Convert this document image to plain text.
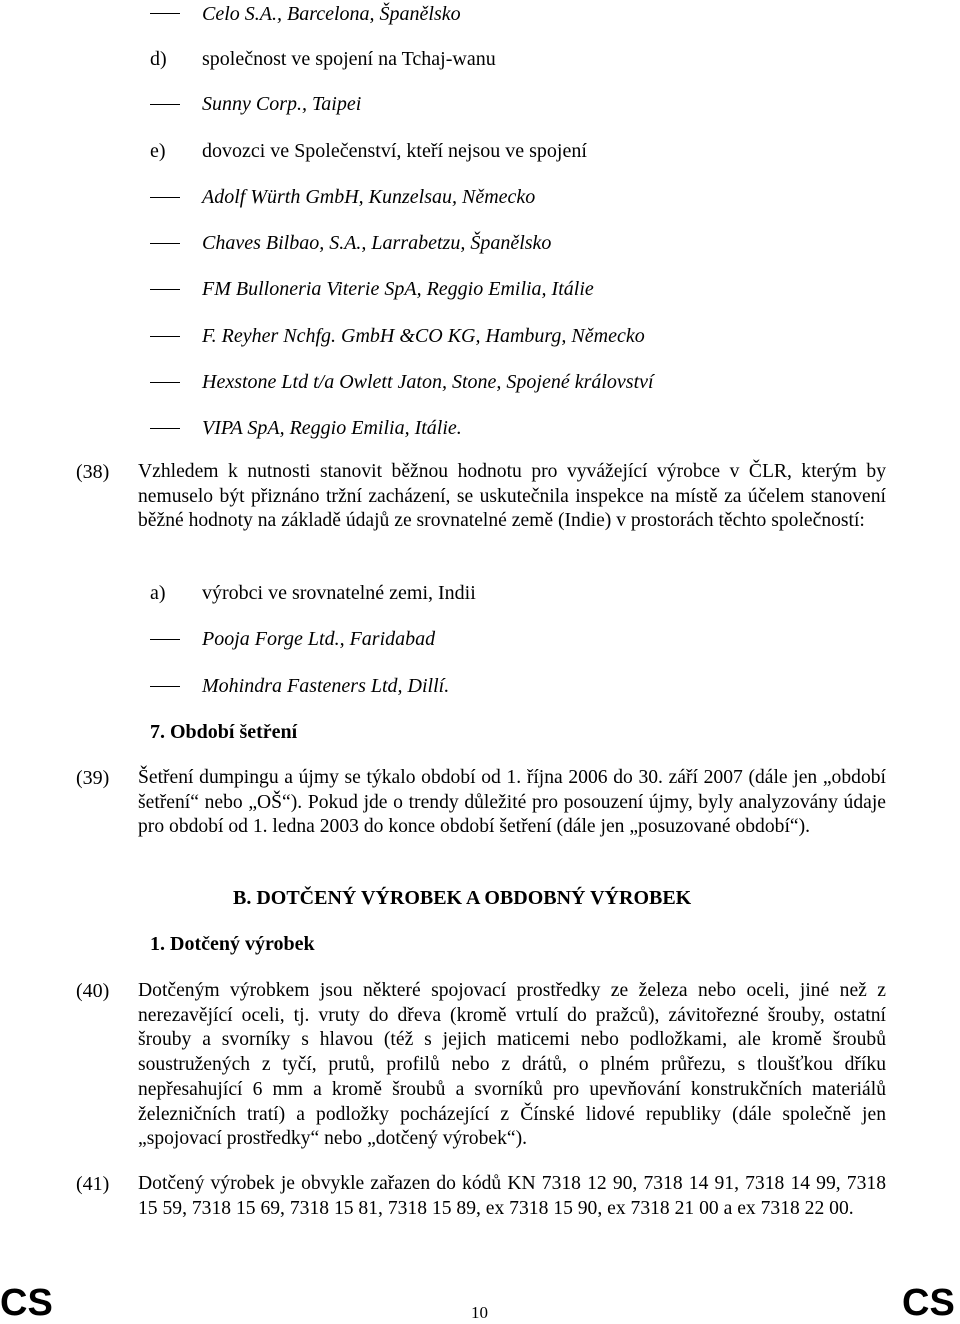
Celo S.A., Barcelona, Španělsko
d) společnost ve spojení na Tchaj-wanu
Sunny Corp., Taipei
e) dovozci ve Společenství, kteří nejsou ve spojení
Adolf Würth GmbH, Kunzelsau, Německo
Chaves Bilbao, S.A., Larrabetzu, Španělsko
FM Bulloneria Viterie SpA, Reggio Emilia, Itálie
F. Reyher Nchfg. GmbH &CO KG, Hamburg, Německo
Hexstone Ltd t/a Owlett Jaton, Stone, Spojené království
VIPA SpA, Reggio Emilia, Itálie.
(38) Vzhledem k nutnosti stanovit běžnou hodnotu pro vyvážející výrobce v ČLR, kterým by nemuselo být přiznáno tržní zacházení, se uskutečnila inspekce na místě za účelem stanovení běžné hodnoty na základě údajů ze srovnatelné země (Indie) v prostorách těchto společností:
a) výrobci ve srovnatelné zemi, Indii
Pooja Forge Ltd., Faridabad
Mohindra Fasteners Ltd, Dillí.
7. Období šetření
(39) Šetření dumpingu a újmy se týkalo období od 1. října 2006 do 30. září 2007 (dále jen „období šetření“ nebo „OŠ“). Pokud jde o trendy důležité pro posouzení újmy, byly analyzovány údaje pro období od 1. ledna 2003 do konce období šetření (dále jen „posuzované období“).
B. DOTČENÝ VÝROBEK A OBDOBNÝ VÝROBEK
1. Dotčený výrobek
(40) Dotčeným výrobkem jsou některé spojovací prostředky ze železa nebo oceli, jiné než z nerezavějící oceli, tj. vruty do dřeva (kromě vrtulí do pražců), závitořezné šrouby, ostatní šrouby a svorníky s hlavou (též s jejich maticemi nebo podložkami, ale kromě šroubů soustružených z tyčí, prutů, profilů nebo z drátů, o plném průřezu, s tloušťkou dříku nepřesahující 6 mm a kromě šroubů a svorníků pro upevňování konstrukčních materiálů železničních tratí) a podložky pocházející z Čínské lidové republiky (dále společně jen „spojovací prostředky“ nebo „dotčený výrobek“).
(41) Dotčený výrobek je obvykle zařazen do kódů KN 7318 12 90, 7318 14 91, 7318 14 99, 7318 15 59, 7318 15 69, 7318 15 81, 7318 15 89, ex 7318 15 90, ex 7318 21 00 a ex 7318 22 00.
CS	10	CS
